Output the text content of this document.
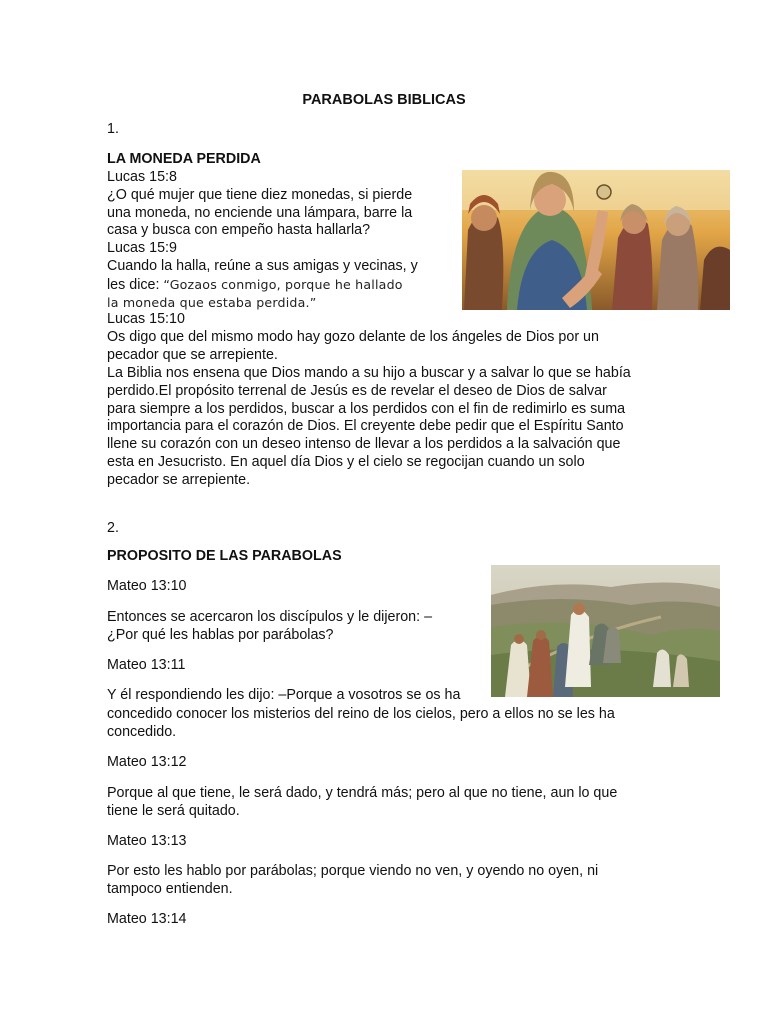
PARABOLAS BIBLICAS
1.
LA MONEDA PERDIDA
Lucas 15:8
¿O qué mujer que tiene diez monedas, si pierde
una moneda, no enciende una lámpara, barre la
casa y busca con empeño hasta hallarla?
Lucas 15:9
Cuando la halla, reúne a sus amigas y vecinas, y
les dice: “Gozaos conmigo, porque he hallado
la moneda que estaba perdida.”
Lucas 15:10
Os digo que del mismo modo hay gozo delante de los ángeles de Dios por un
pecador que se arrepiente.
La Biblia nos ensena que Dios mando a su hijo a buscar y a salvar lo que se había
perdido.El propósito terrenal de Jesús es de revelar el deseo de Dios de salvar
para siempre a los perdidos, buscar a los perdidos con el fin de redimirlo es suma
importancia para el corazón de Dios. El creyente debe pedir que el Espíritu Santo
llene su corazón con un deseo intenso de llevar a los perdidos a la salvación que
esta en Jesucristo. En aquel día Dios y el cielo se regocijan cuando un solo
pecador se arrepiente.
2.
PROPOSITO DE LAS PARABOLAS
Mateo 13:10
Entonces se acercaron los discípulos y le dijeron: –
¿Por qué les hablas por parábolas?
Mateo 13:11
Y él respondiendo les dijo: –Porque a vosotros se os ha
concedido conocer los misterios del reino de los cielos, pero a ellos no se les ha
concedido.
Mateo 13:12
Porque al que tiene, le será dado, y tendrá más; pero al que no tiene, aun lo que
tiene le será quitado.
Mateo 13:13
Por esto les hablo por parábolas; porque viendo no ven, y oyendo no oyen, ni
tampoco entienden.
Mateo 13:14
